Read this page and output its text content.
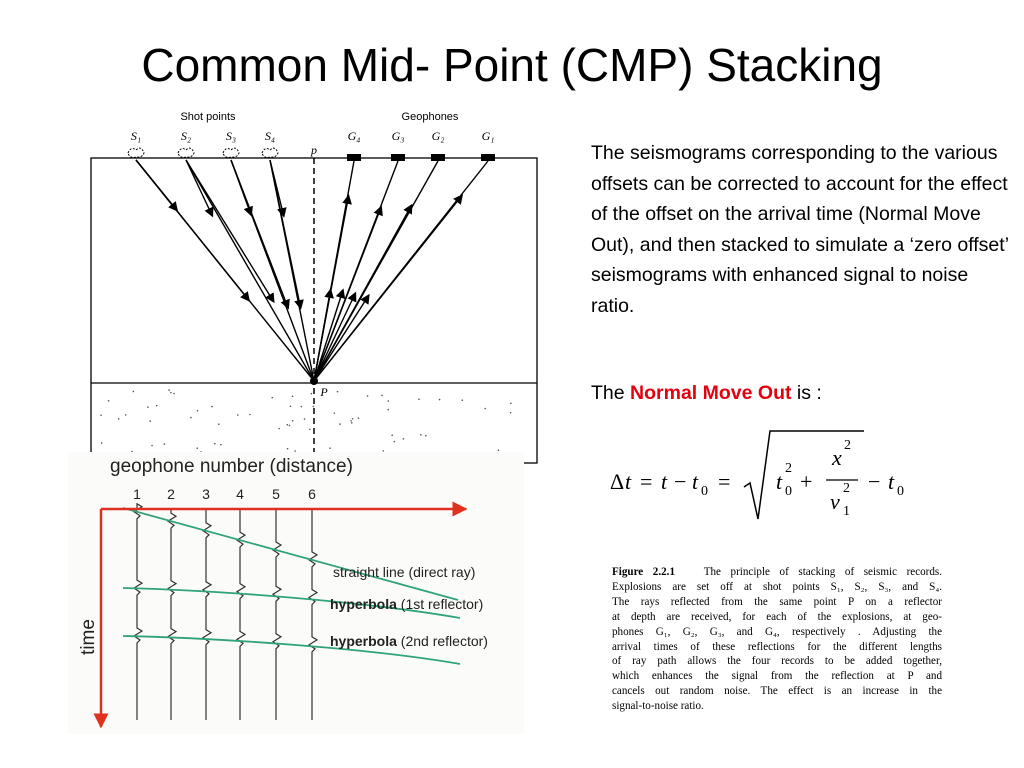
Common Mid- Point (CMP) Stacking
Shot points	Geophones
S₁	S₂	S₃ S₄	G₄	G₃ G₂	G₁
p
P
geophone number (distance)
1 2 3 4 5 6
time
straight line (direct ray)
hyperbola (1st reflector)
hyperbola (2nd reflector)
The seismograms corresponding to the various offsets can be corrected to account for the effect of the offset on the arrival time (Normal Move Out), and then stacked to simulate a ‘zero offset’ seismograms with enhanced signal to noise ratio.
The Normal Move Out is :
Δ t = t − t 0 = t
2
0 +
x 2
v
2
1
− t 0
Figure 2.2.1	The principle of stacking of seismic records.
Explosions are set off at shot points S₁, S₂, S₃, and S₄.
The rays reflected from the same point P on a reflector
at depth are received, for each of the explosions, at geo-
phones G₁, G₂, G₃, and G₄, respectively . Adjusting the
arrival times of these reflections for the different lengths
of ray path allows the four records to be added together,
which enhances the signal from the reflection at P and
cancels out random noise. The effect is an increase in the
signal-to-noise ratio.
